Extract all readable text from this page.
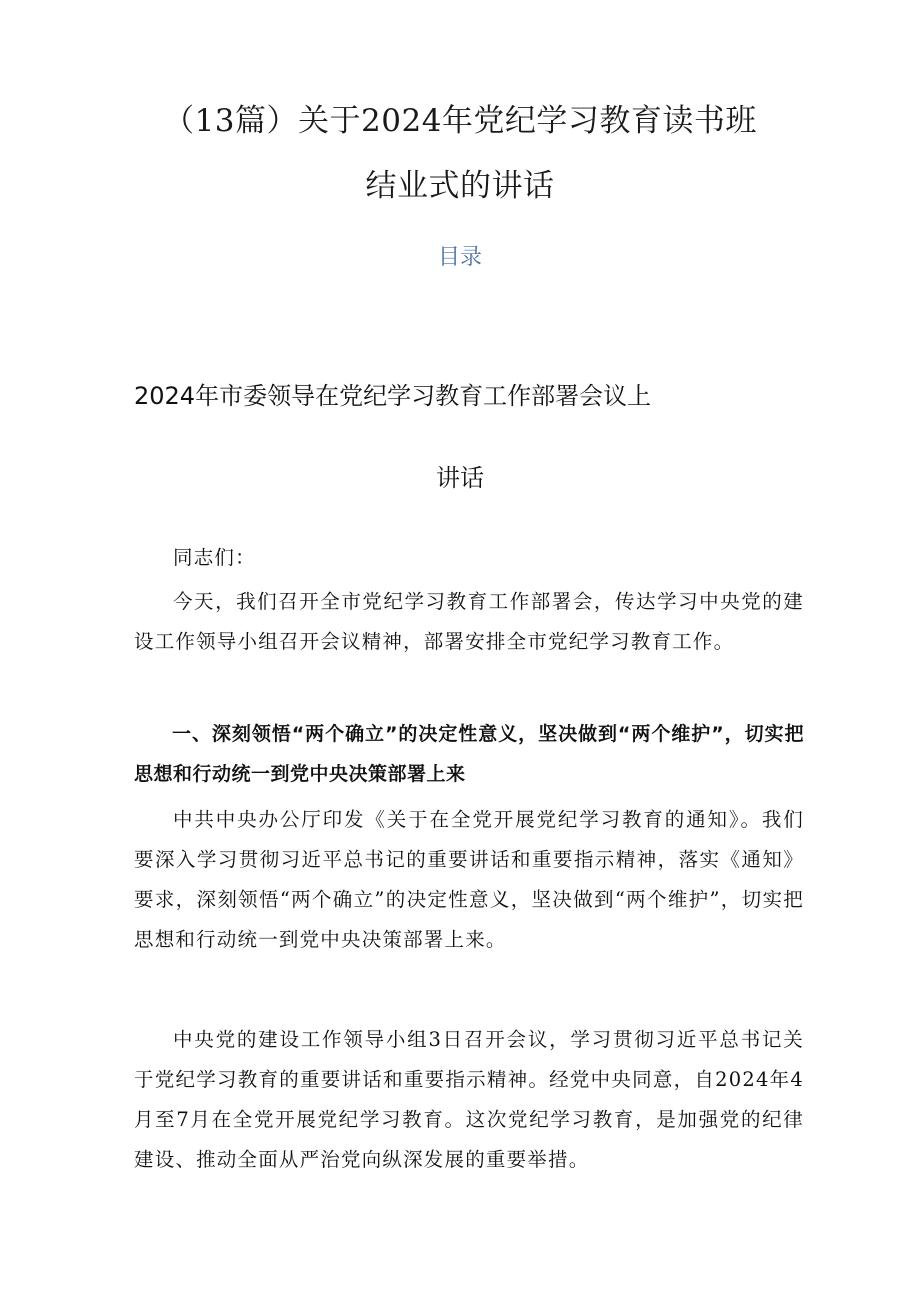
（13篇）关于2024年党纪学习教育读书班
结业式的讲话
目录
2024年市委领导在党纪学习教育工作部署会议上
讲话

同志们：

今天，我们召开全市党纪学习教育工作部署会，传达学习中央党的建设工作领导小组召开会议精神，部署安排全市党纪学习教育工作。

一、深刻领悟“两个确立”的决定性意义，坚决做到“两个维护”，切实把思想和行动统一到党中央决策部署上来

中共中央办公厅印发《关于在全党开展党纪学习教育的通知》。我们要深入学习贯彻习近平总书记的重要讲话和重要指示精神，落实《通知》要求，深刻领悟“两个确立”的决定性意义，坚决做到“两个维护”，切实把思想和行动统一到党中央决策部署上来。

中央党的建设工作领导小组3日召开会议，学习贯彻习近平总书记关于党纪学习教育的重要讲话和重要指示精神。经党中央同意，自2024年4月至7月在全党开展党纪学习教育。这次党纪学习教育，是加强党的纪律建设、推动全面从严治党向纵深发展的重要举措。
